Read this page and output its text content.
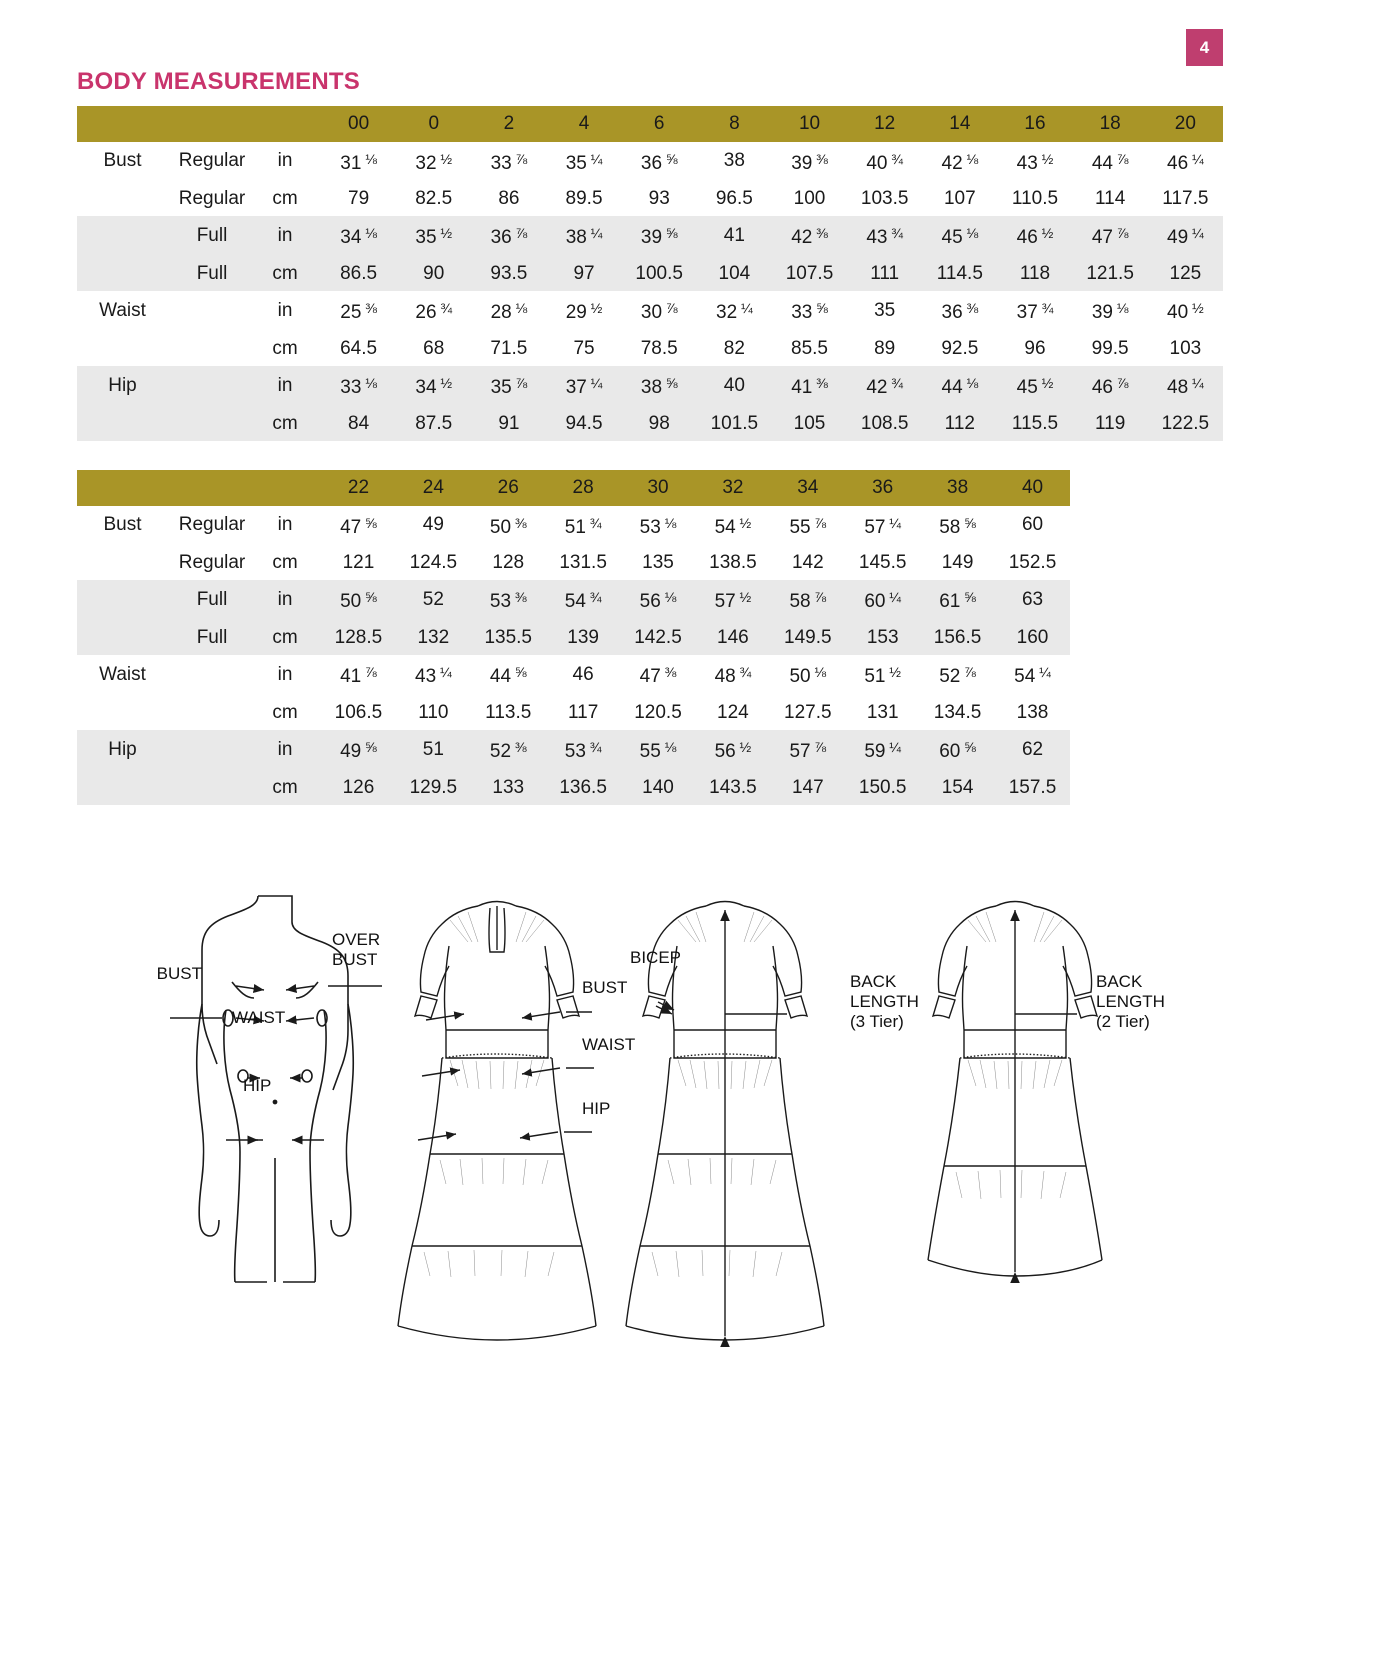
4
BODY MEASUREMENTS
			00	0	2	4	6	8	10	12	14	16	18	20
Bust	Regular	in	31 $^{\frac{1}{8}}$	32 $^{\frac{1}{2}}$	33 $^{\frac{7}{8}}$	35 $^{\frac{1}{4}}$	36 $^{\frac{5}{8}}$	38	39 $^{\frac{3}{8}}$	40 $^{\frac{3}{4}}$	42 $^{\frac{1}{8}}$	43 $^{\frac{1}{2}}$	44 $^{\frac{7}{8}}$	46 $^{\frac{1}{4}}$
	Regular	cm	79	82.5	86	89.5	93	96.5	100	103.5	107	110.5	114	117.5
	Full	in	34 $^{\frac{1}{8}}$	35 $^{\frac{1}{2}}$	36 $^{\frac{7}{8}}$	38 $^{\frac{1}{4}}$	39 $^{\frac{5}{8}}$	41	42 $^{\frac{3}{8}}$	43 $^{\frac{3}{4}}$	45 $^{\frac{1}{8}}$	46 $^{\frac{1}{2}}$	47 $^{\frac{7}{8}}$	49 $^{\frac{1}{4}}$
	Full	cm	86.5	90	93.5	97	100.5	104	107.5	111	114.5	118	121.5	125
Waist		in	25 $^{\frac{3}{8}}$	26 $^{\frac{3}{4}}$	28 $^{\frac{1}{8}}$	29 $^{\frac{1}{2}}$	30 $^{\frac{7}{8}}$	32 $^{\frac{1}{4}}$	33 $^{\frac{5}{8}}$	35	36 $^{\frac{3}{8}}$	37 $^{\frac{3}{4}}$	39 $^{\frac{1}{8}}$	40 $^{\frac{1}{2}}$
		cm	64.5	68	71.5	75	78.5	82	85.5	89	92.5	96	99.5	103
Hip		in	33 $^{\frac{1}{8}}$	34 $^{\frac{1}{2}}$	35 $^{\frac{7}{8}}$	37 $^{\frac{1}{4}}$	38 $^{\frac{5}{8}}$	40	41 $^{\frac{3}{8}}$	42 $^{\frac{3}{4}}$	44 $^{\frac{1}{8}}$	45 $^{\frac{1}{2}}$	46 $^{\frac{7}{8}}$	48 $^{\frac{1}{4}}$
		cm	84	87.5	91	94.5	98	101.5	105	108.5	112	115.5	119	122.5
			22	24	26	28	30	32	34	36	38	40
Bust	Regular	in	47 $^{\frac{5}{8}}$	49	50 $^{\frac{3}{8}}$	51 $^{\frac{3}{4}}$	53 $^{\frac{1}{8}}$	54 $^{\frac{1}{2}}$	55 $^{\frac{7}{8}}$	57 $^{\frac{1}{4}}$	58 $^{\frac{5}{8}}$	60
	Regular	cm	121	124.5	128	131.5	135	138.5	142	145.5	149	152.5
	Full	in	50 $^{\frac{5}{8}}$	52	53 $^{\frac{3}{8}}$	54 $^{\frac{3}{4}}$	56 $^{\frac{1}{8}}$	57 $^{\frac{1}{2}}$	58 $^{\frac{7}{8}}$	60 $^{\frac{1}{4}}$	61 $^{\frac{5}{8}}$	63
	Full	cm	128.5	132	135.5	139	142.5	146	149.5	153	156.5	160
Waist		in	41 $^{\frac{7}{8}}$	43 $^{\frac{1}{4}}$	44 $^{\frac{5}{8}}$	46	47 $^{\frac{3}{8}}$	48 $^{\frac{3}{4}}$	50 $^{\frac{1}{8}}$	51 $^{\frac{1}{2}}$	52 $^{\frac{7}{8}}$	54 $^{\frac{1}{4}}$
		cm	106.5	110	113.5	117	120.5	124	127.5	131	134.5	138
Hip		in	49 $^{\frac{5}{8}}$	51	52 $^{\frac{3}{8}}$	53 $^{\frac{3}{4}}$	55 $^{\frac{1}{8}}$	56 $^{\frac{1}{2}}$	57 $^{\frac{7}{8}}$	59 $^{\frac{1}{4}}$	60 $^{\frac{5}{8}}$	62
		cm	126	129.5	133	136.5	140	143.5	147	150.5	154	157.5
BUST
OVER
BUST
WAIST
HIP
BUST
WAIST
HIP
BICEP
BACK
LENGTH
(3 Tier)
BACK
LENGTH
(2 Tier)
